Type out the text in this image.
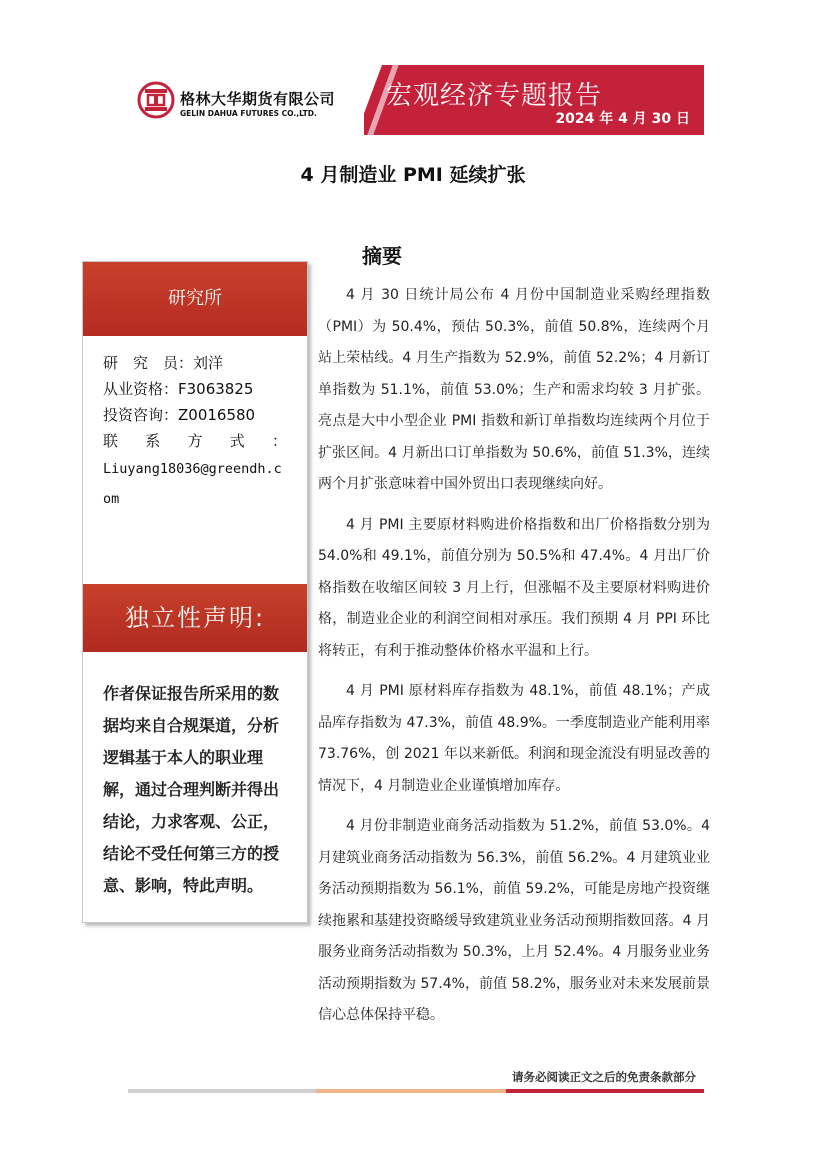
格林大华期货有限公司
GELIN DAHUA FUTURES CO.,LTD.
宏观经济专题报告
2024 年 4 月 30 日
4 月制造业 PMI 延续扩张
研究所
研 究 员：刘洋
从业资格：F3063825
投资咨询：Z0016580
联 系 方 式 ：
Liuyang18036@greendh.com
独立性声明:
作者保证报告所采用的数据均来自合规渠道，分析逻辑基于本人的职业理解，通过合理判断并得出结论，力求客观、公正，结论不受任何第三方的授意、影响，特此声明。
摘要

4 月 30 日统计局公布 4 月份中国制造业采购经理指数（PMI）为 50.4%，预估 50.3%，前值 50.8%，连续两个月站上荣枯线。4 月生产指数为 52.9%，前值 52.2%；4 月新订单指数为 51.1%，前值 53.0%；生产和需求均较 3 月扩张。亮点是大中小型企业 PMI 指数和新订单指数均连续两个月位于扩张区间。4 月新出口订单指数为 50.6%，前值 51.3%，连续两个月扩张意味着中国外贸出口表现继续向好。

4 月 PMI 主要原材料购进价格指数和出厂价格指数分别为 54.0%和 49.1%，前值分别为 50.5%和 47.4%。4 月出厂价格指数在收缩区间较 3 月上行，但涨幅不及主要原材料购进价格，制造业企业的利润空间相对承压。我们预期 4 月 PPI 环比将转正，有利于推动整体价格水平温和上行。

4 月 PMI 原材料库存指数为 48.1%，前值 48.1%；产成品库存指数为 47.3%，前值 48.9%。一季度制造业产能利用率 73.76%，创 2021 年以来新低。利润和现金流没有明显改善的情况下，4 月制造业企业谨慎增加库存。

4 月份非制造业商务活动指数为 51.2%，前值 53.0%。4 月建筑业商务活动指数为 56.3%，前值 56.2%。4 月建筑业业务活动预期指数为 56.1%，前值 59.2%，可能是房地产投资继续拖累和基建投资略缓导致建筑业业务活动预期指数回落。4 月服务业商务活动指数为 50.3%，上月 52.4%。4 月服务业业务活动预期指数为 57.4%，前值 58.2%，服务业对未来发展前景信心总体保持平稳。

请务必阅读正文之后的免责条款部分
